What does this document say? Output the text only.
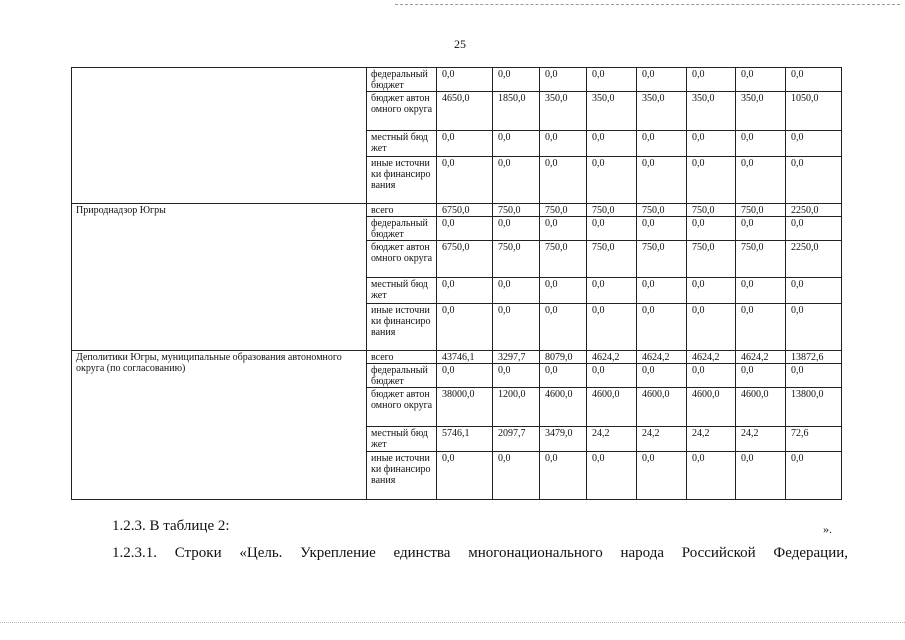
25
	федеральный бюджет	0,0	0,0	0,0	0,0	0,0	0,0	0,0	0,0
	бюджет автономного округа	4650,0	1850,0	350,0	350,0	350,0	350,0	350,0	1050,0
	местный бюджет	0,0	0,0	0,0	0,0	0,0	0,0	0,0	0,0
	иные источники финансирования	0,0	0,0	0,0	0,0	0,0	0,0	0,0	0,0
Природнадзор Югры	всего	6750,0	750,0	750,0	750,0	750,0	750,0	750,0	2250,0
	федеральный бюджет	0,0	0,0	0,0	0,0	0,0	0,0	0,0	0,0
	бюджет автономного округа	6750,0	750,0	750,0	750,0	750,0	750,0	750,0	2250,0
	местный бюджет	0,0	0,0	0,0	0,0	0,0	0,0	0,0	0,0
	иные источники финансирования	0,0	0,0	0,0	0,0	0,0	0,0	0,0	0,0
Деполитики Югры, муниципальные образования автономного округа (по согласованию)	всего	43746,1	3297,7	8079,0	4624,2	4624,2	4624,2	4624,2	13872,6
	федеральный бюджет	0,0	0,0	0,0	0,0	0,0	0,0	0,0	0,0
	бюджет автономного округа	38000,0	1200,0	4600,0	4600,0	4600,0	4600,0	4600,0	13800,0
	местный бюджет	5746,1	2097,7	3479,0	24,2	24,2	24,2	24,2	72,6
	иные источники финансирования	0,0	0,0	0,0	0,0	0,0	0,0	0,0	0,0
».
1.2.3. В таблице 2:
1.2.3.1. Строки «Цель. Укрепление единства многонационального народа Российской Федерации,
